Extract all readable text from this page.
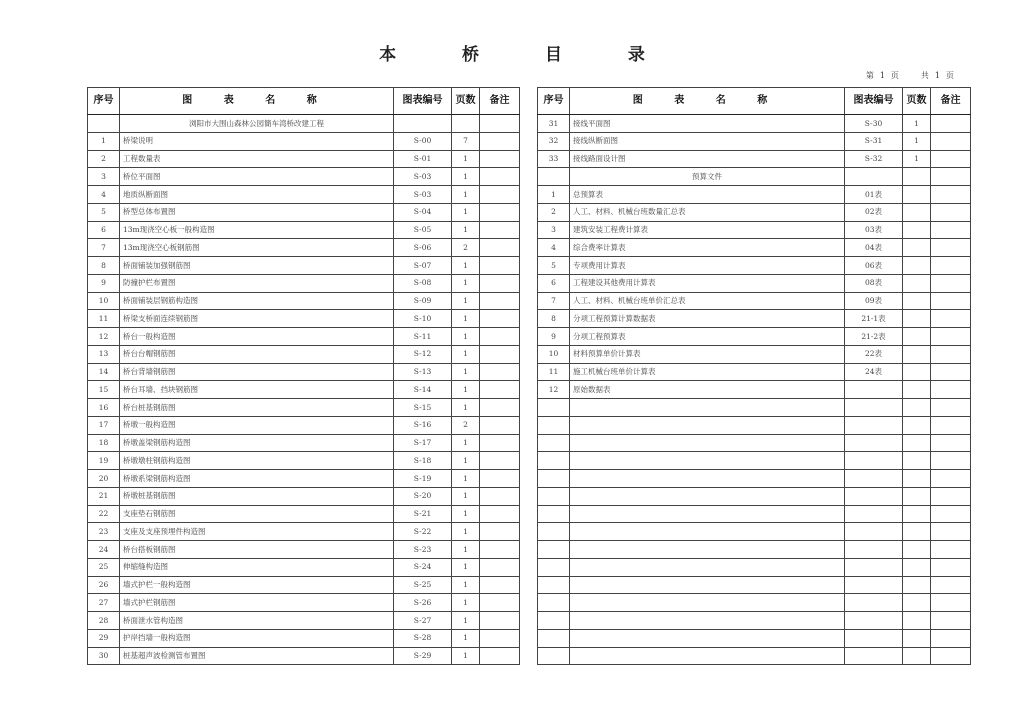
本 桥 目 录
第 1 页	共 1 页
序号	图 表 名 称	图表编号	页数	备注
	浏阳市大围山森林公园簡车湾桥改建工程			
1	桥梁说明	S-00	7	
2	工程数量表	S-01	1	
3	桥位平面图	S-03	1	
4	地质纵断面图	S-03	1	
5	桥型总体布置图	S-04	1	
6	13m现浇空心板一般构造图	S-05	1	
7	13m现浇空心板钢筋图	S-06	2	
8	桥面铺装加强钢筋图	S-07	1	
9	防撞护栏布置图	S-08	1	
10	桥面铺装层钢筋构造图	S-09	1	
11	桥梁支桥面连续钢筋图	S-10	1	
12	桥台一般构造图	S-11	1	
13	桥台台帽钢筋图	S-12	1	
14	桥台背墙钢筋图	S-13	1	
15	桥台耳墙、挡块钢筋图	S-14	1	
16	桥台桩基钢筋图	S-15	1	
17	桥墩一般构造图	S-16	2	
18	桥墩盖梁钢筋构造图	S-17	1	
19	桥墩墩柱钢筋构造图	S-18	1	
20	桥墩系梁钢筋构造图	S-19	1	
21	桥墩桩基钢筋图	S-20	1	
22	支座垫石钢筋图	S-21	1	
23	支座及支座预埋件构造图	S-22	1	
24	桥台搭板钢筋图	S-23	1	
25	伸缩缝构造图	S-24	1	
26	墙式护栏一般构造图	S-25	1	
27	墙式护栏钢筋图	S-26	1	
28	桥面泄水管构造图	S-27	1	
29	护岸挡墙一般构造图	S-28	1	
30	桩基超声波检测管布置图	S-29	1	
序号	图 表 名 称	图表编号	页数	备注
31	接线平面图	S-30	1	
32	接线纵断面图	S-31	1	
33	接线路面设计图	S-32	1	
	预算文件			
1	总预算表	01表		
2	人工、材料、机械台班数量汇总表	02表		
3	建筑安装工程费计算表	03表		
4	综合费率计算表	04表		
5	专项费用计算表	06表		
6	工程建设其他费用计算表	08表		
7	人工、材料、机械台班单价汇总表	09表		
8	分项工程预算计算数据表	21-1表		
9	分项工程预算表	21-2表		
10	材料预算单价计算表	22表		
11	施工机械台班单价计算表	24表		
12	原始数据表			
